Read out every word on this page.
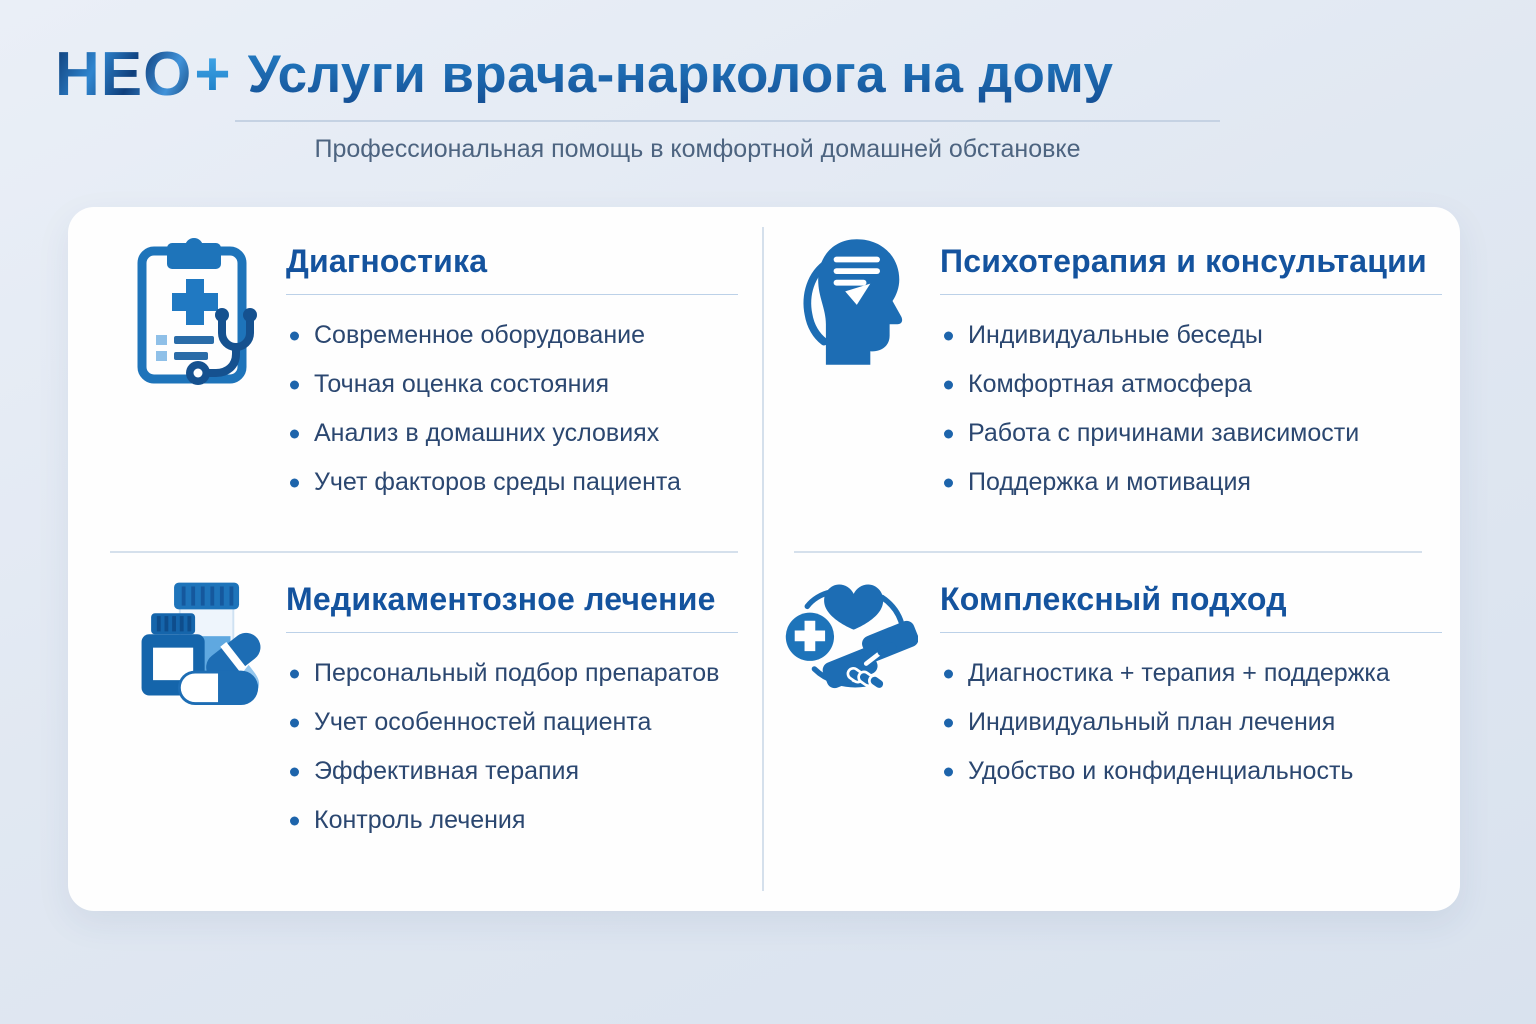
НЕО + Услуги врача-нарколога на дому
Профессиональная помощь в комфортной домашней обстановке
Диагностика
Современное оборудование
Точная оценка состояния
Анализ в домашних условиях
Учет факторов среды пациента
Психотерапия и консультации
Индивидуальные беседы
Комфортная атмосфера
Работа с причинами зависимости
Поддержка и мотивация
Медикаментозное лечение
Персональный подбор препаратов
Учет особенностей пациента
Эффективная терапия
Контроль лечения
Комплексный подход
Диагностика + терапия + поддержка
Индивидуальный план лечения
Удобство и конфиденциальность
